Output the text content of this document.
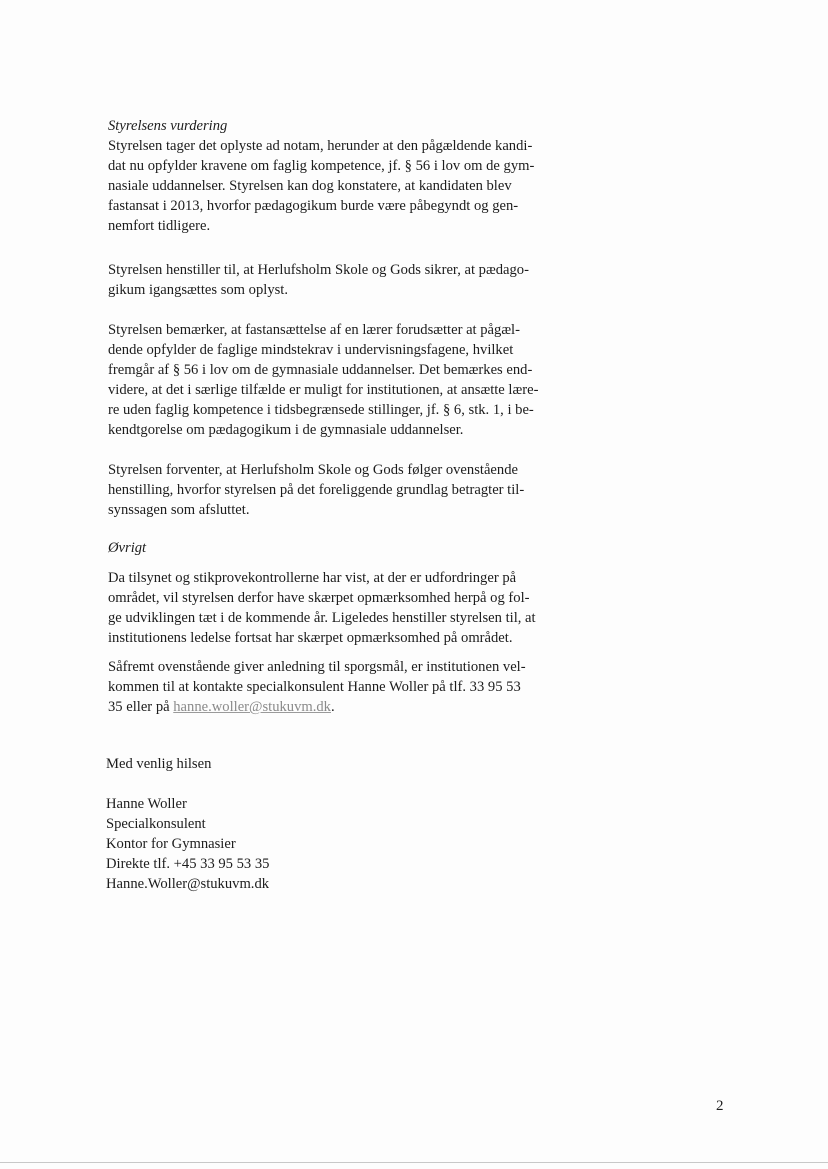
Styrelsens vurdering
Styrelsen tager det oplyste ad notam, herunder at den pågældende kandi-
dat nu opfylder kravene om faglig kompetence, jf. § 56 i lov om de gym-
nasiale uddannelser. Styrelsen kan dog konstatere, at kandidaten blev
fastansat i 2013, hvorfor pædagogikum burde være påbegyndt og gen-
nemfort tidligere.
Styrelsen henstiller til, at Herlufsholm Skole og Gods sikrer, at pædago-
gikum igangsættes som oplyst.
Styrelsen bemærker, at fastansættelse af en lærer forudsætter at pågæl-
dende opfylder de faglige mindstekrav i undervisningsfagene, hvilket
fremgår af § 56 i lov om de gymnasiale uddannelser. Det bemærkes end-
videre, at det i særlige tilfælde er muligt for institutionen, at ansætte lære-
re uden faglig kompetence i tidsbegrænsede stillinger, jf. § 6, stk. 1, i be-
kendtgorelse om pædagogikum i de gymnasiale uddannelser.
Styrelsen forventer, at Herlufsholm Skole og Gods følger ovenstående
henstilling, hvorfor styrelsen på det foreliggende grundlag betragter til-
synssagen som afsluttet.
Øvrigt
Da tilsynet og stikprovekontrollerne har vist, at der er udfordringer på
området, vil styrelsen derfor have skærpet opmærksomhed herpå og fol-
ge udviklingen tæt i de kommende år. Ligeledes henstiller styrelsen til, at
institutionens ledelse fortsat har skærpet opmærksomhed på området.
Såfremt ovenstående giver anledning til sporgsmål, er institutionen vel-
kommen til at kontakte specialkonsulent Hanne Woller på tlf. 33 95 53
35 eller på hanne.woller@stukuvm.dk.
Med venlig hilsen
Hanne Woller
Specialkonsulent
Kontor for Gymnasier
Direkte tlf. +45 33 95 53 35
Hanne.Woller@stukuvm.dk
2
